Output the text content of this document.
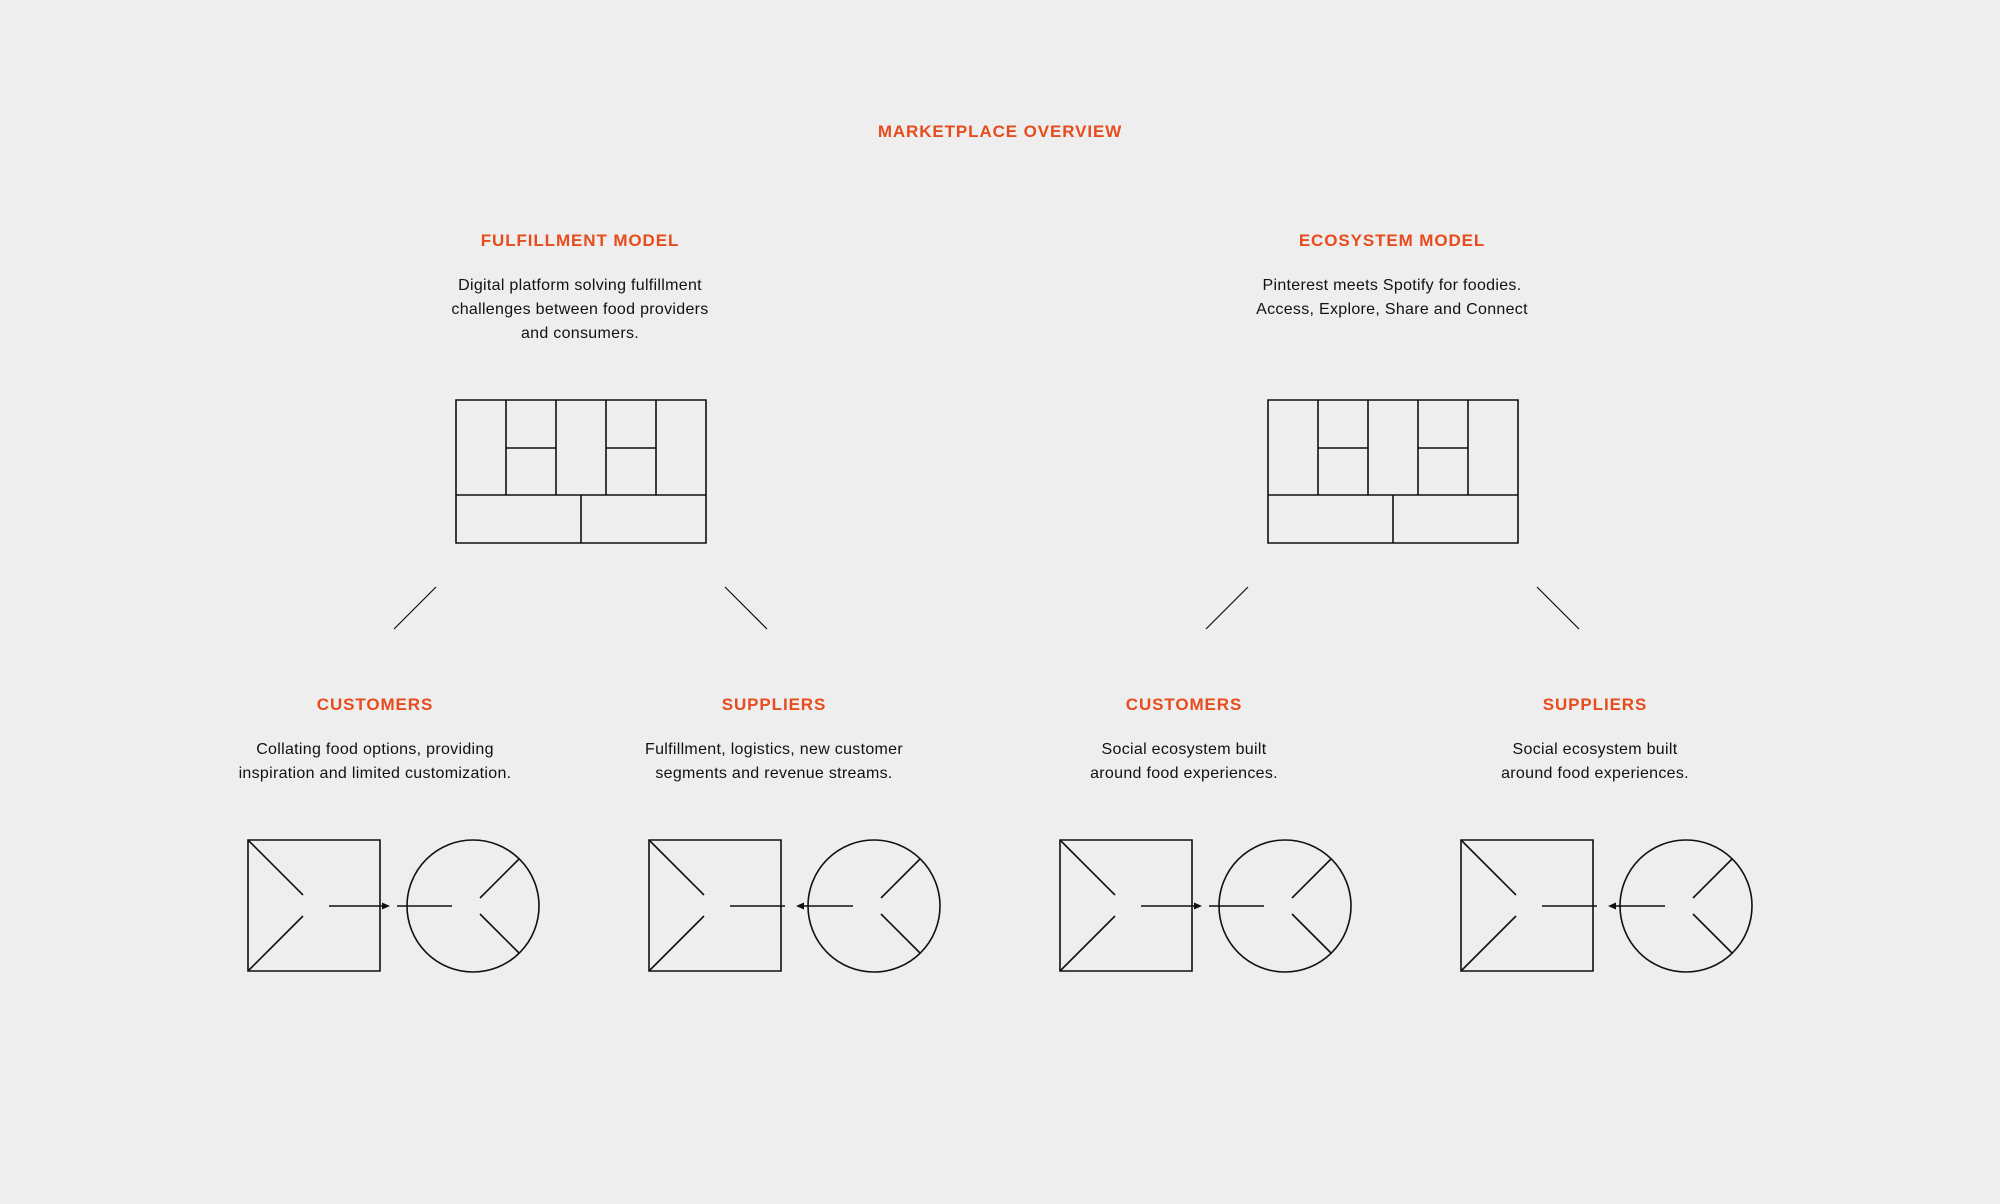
MARKETPLACE OVERVIEW
FULFILLMENT MODEL
Digital platform solving fulfillment
challenges between food providers
and consumers.
ECOSYSTEM MODEL
Pinterest meets Spotify for foodies.
Access, Explore, Share and Connect
CUSTOMERS
Collating food options, providing
inspiration and limited customization.
SUPPLIERS
Fulfillment, logistics, new customer
segments and revenue streams.
CUSTOMERS
Social ecosystem built
around food experiences.
SUPPLIERS
Social ecosystem built
around food experiences.
